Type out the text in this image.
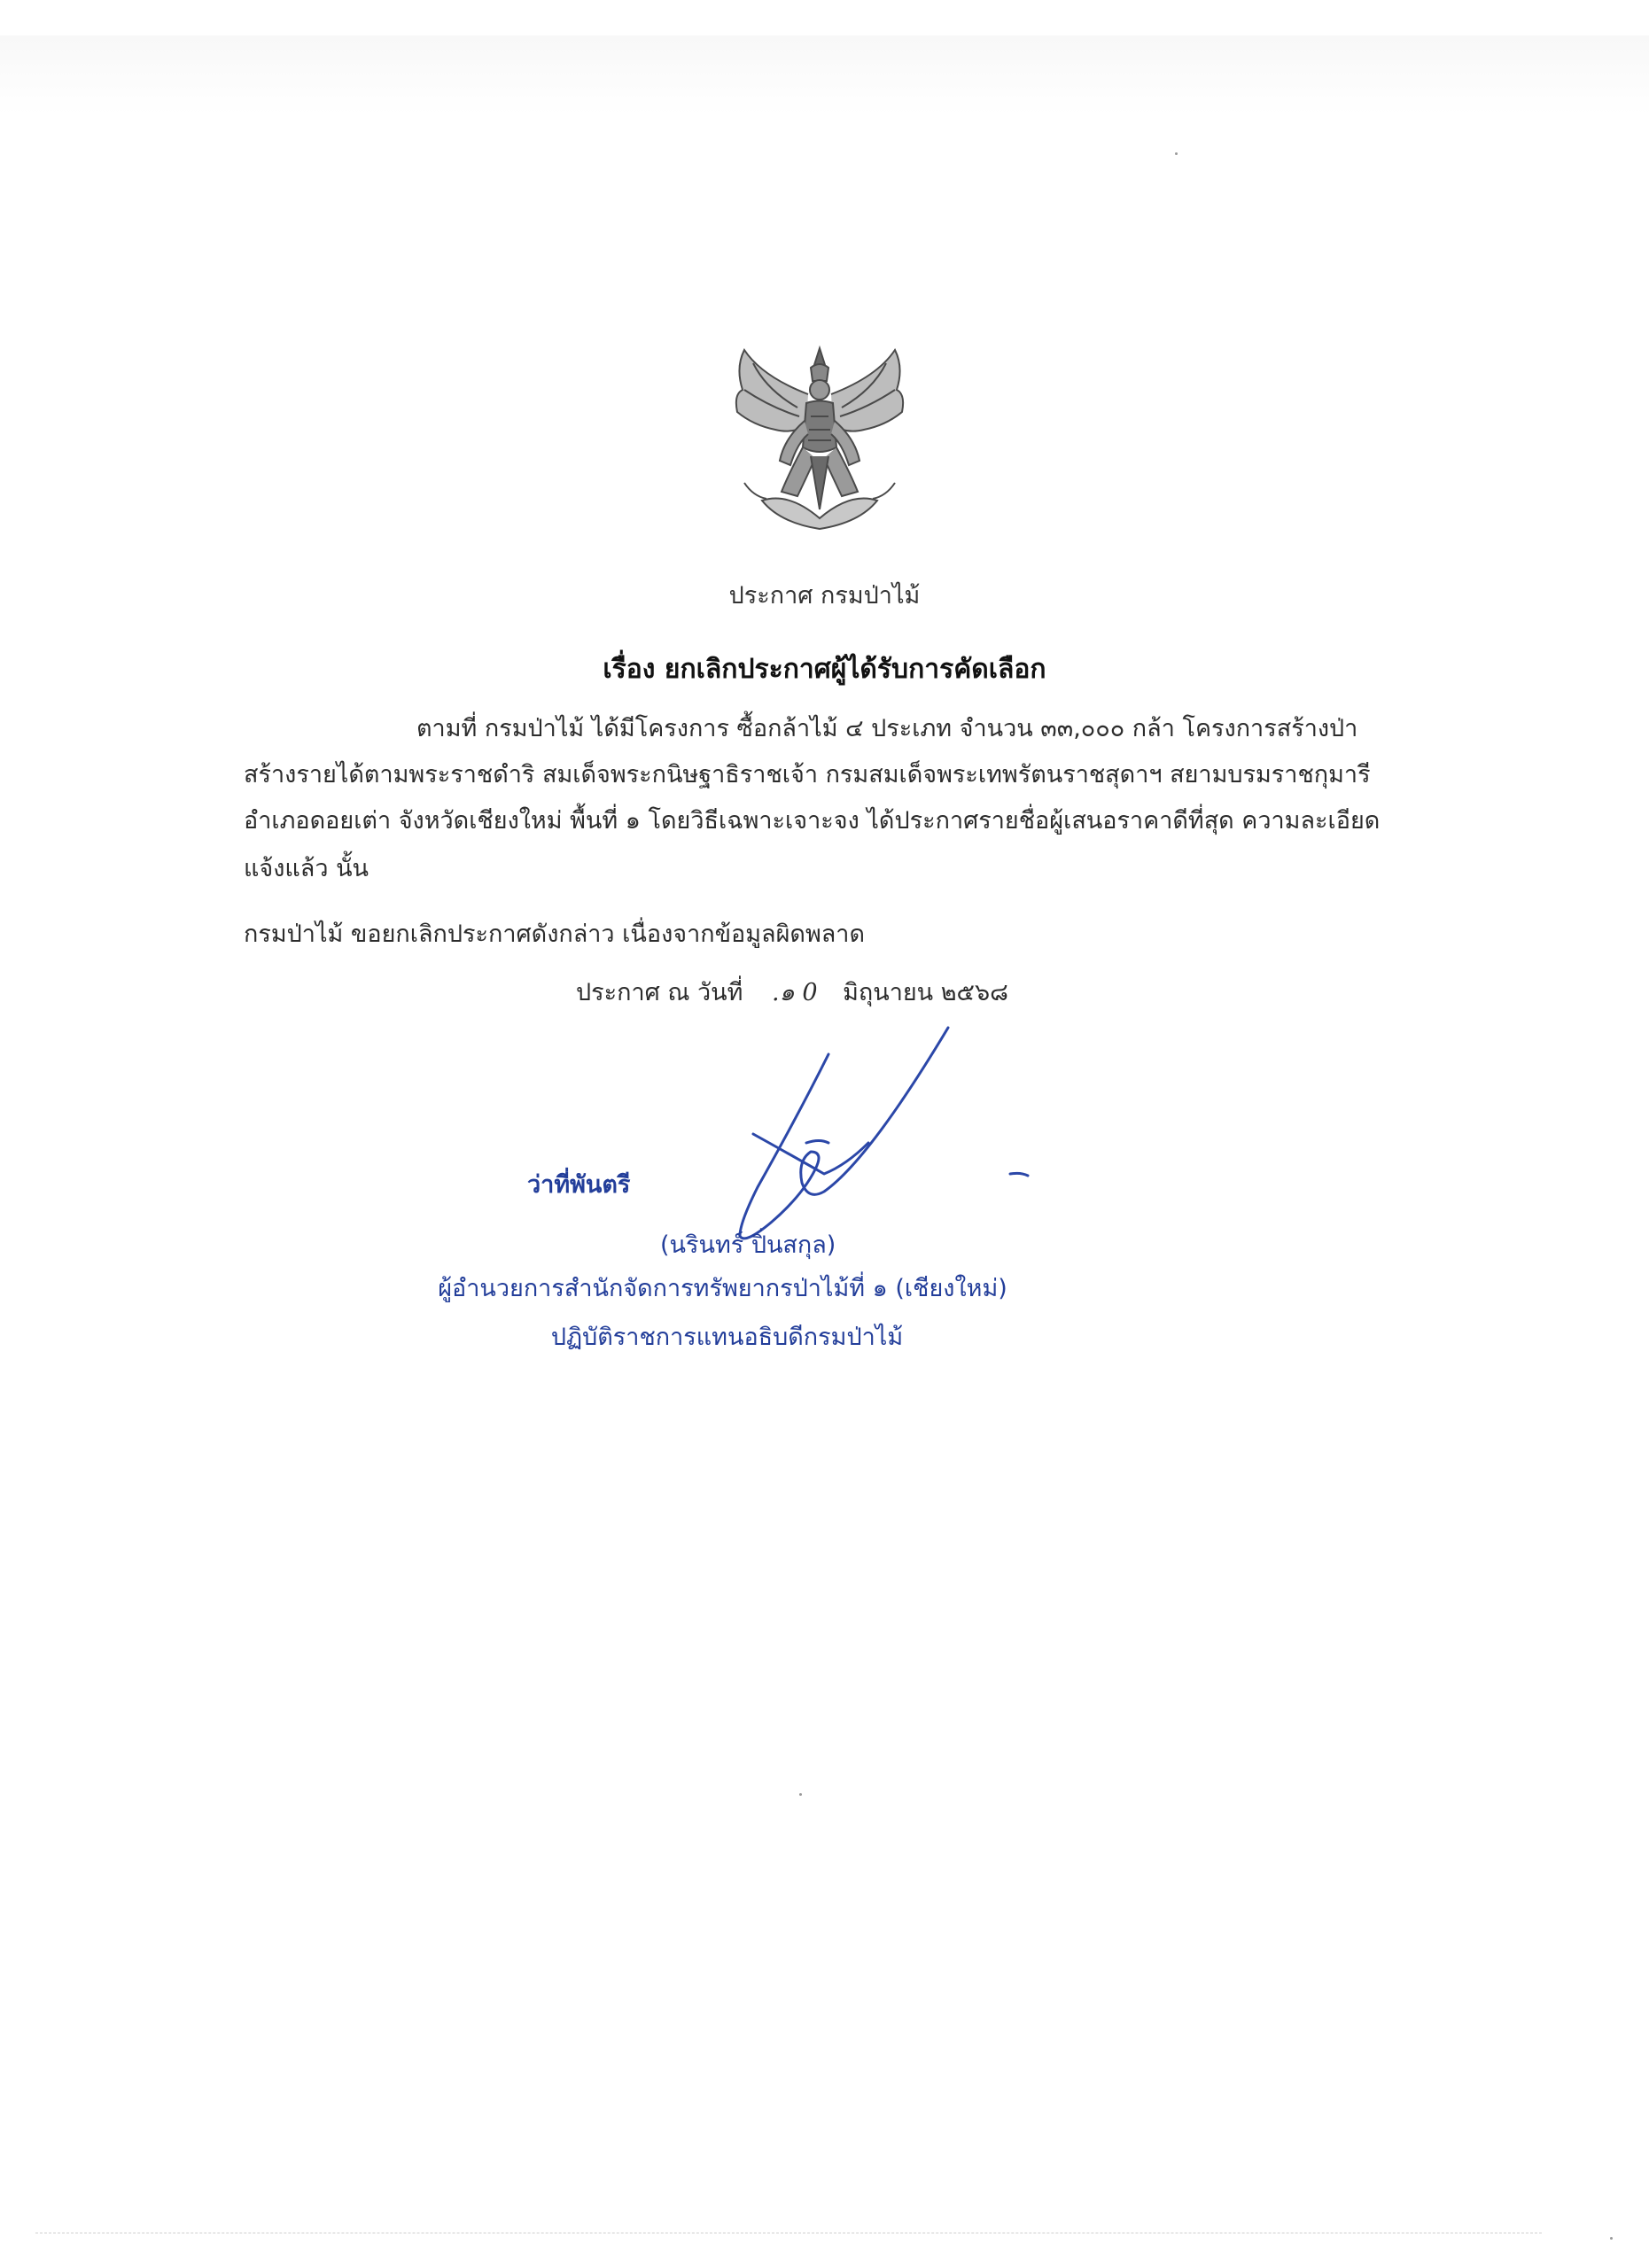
ประกาศ กรมป่าไม้
เรื่อง ยกเลิกประกาศผู้ได้รับการคัดเลือก
ตามที่ กรมป่าไม้ ได้มีโครงการ ซื้อกล้าไม้ ๔ ประเภท จำนวน ๓๓,๐๐๐ กล้า โครงการสร้างป่า
สร้างรายได้ตามพระราชดำริ สมเด็จพระกนิษฐาธิราชเจ้า กรมสมเด็จพระเทพรัตนราชสุดาฯ สยามบรมราชกุมารี
อำเภอดอยเต่า จังหวัดเชียงใหม่ พื้นที่ ๑ โดยวิธีเฉพาะเจาะจง ได้ประกาศรายชื่อผู้เสนอราคาดีที่สุด ความละเอียด
แจ้งแล้ว นั้น
กรมป่าไม้ ขอยกเลิกประกาศดังกล่าว เนื่องจากข้อมูลผิดพลาด
ประกาศ ณ วันที่ .๑ 0 มิถุนายน ๒๕๖๘
ว่าที่พันตรี
(นรินทร์ ปิ่นสกุล)
ผู้อำนวยการสำนักจัดการทรัพยากรป่าไม้ที่ ๑ (เชียงใหม่)
ปฏิบัติราชการแทนอธิบดีกรมป่าไม้
